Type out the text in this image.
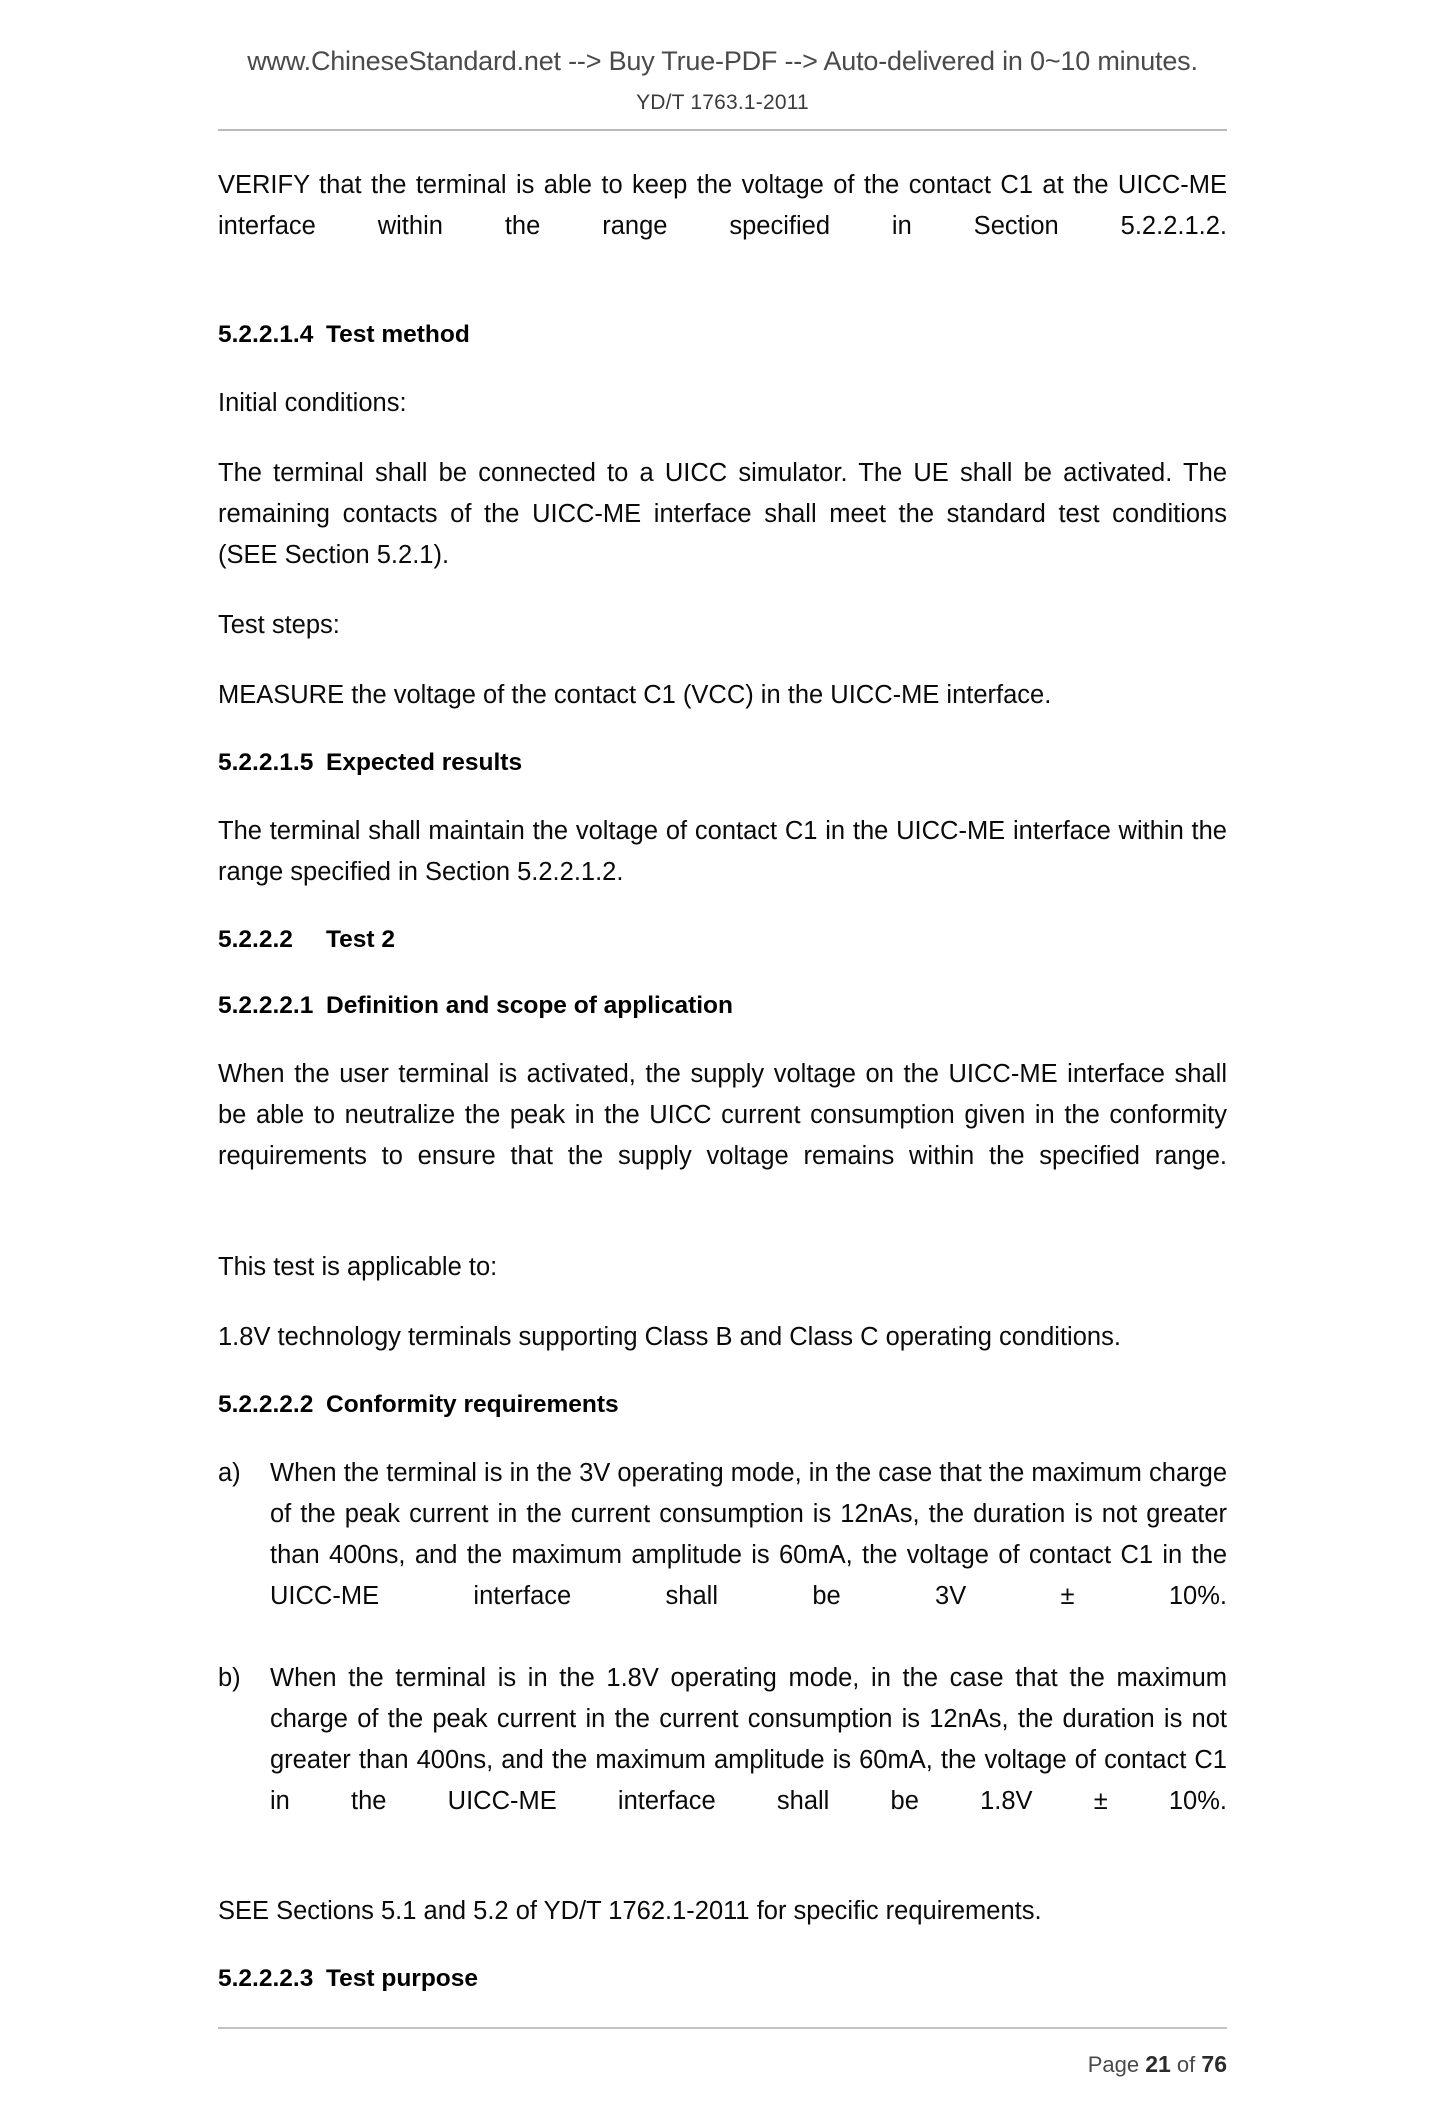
www.ChineseStandard.net --> Buy True-PDF --> Auto-delivered in 0~10 minutes.
YD/T 1763.1-2011

VERIFY that the terminal is able to keep the voltage of the contact C1 at the UICC-ME interface within the range specified in Section 5.2.2.1.2.

5.2.2.1.4 Test method

Initial conditions:

The terminal shall be connected to a UICC simulator. The UE shall be activated. The remaining contacts of the UICC-ME interface shall meet the standard test conditions (SEE Section 5.2.1).

Test steps:

MEASURE the voltage of the contact C1 (VCC) in the UICC-ME interface.

5.2.2.1.5 Expected results

The terminal shall maintain the voltage of contact C1 in the UICC-ME interface within the range specified in Section 5.2.2.1.2.

5.2.2.2 Test 2
5.2.2.2.1 Definition and scope of application

When the user terminal is activated, the supply voltage on the UICC-ME interface shall be able to neutralize the peak in the UICC current consumption given in the conformity requirements to ensure that the supply voltage remains within the specified range.

This test is applicable to:

1.8V technology terminals supporting Class B and Class C operating conditions.

5.2.2.2.2 Conformity requirements
a)	When the terminal is in the 3V operating mode, in the case that the maximum charge of the peak current in the current consumption is 12nAs, the duration is not greater than 400ns, and the maximum amplitude is 60mA, the voltage of contact C1 in the UICC-ME interface shall be 3V ± 10%.
b)	When the terminal is in the 1.8V operating mode, in the case that the maximum charge of the peak current in the current consumption is 12nAs, the duration is not greater than 400ns, and the maximum amplitude is 60mA, the voltage of contact C1 in the UICC-ME interface shall be 1.8V ± 10%.

SEE Sections 5.1 and 5.2 of YD/T 1762.1-2011 for specific requirements.

5.2.2.2.3 Test purpose
Page 21 of 76
